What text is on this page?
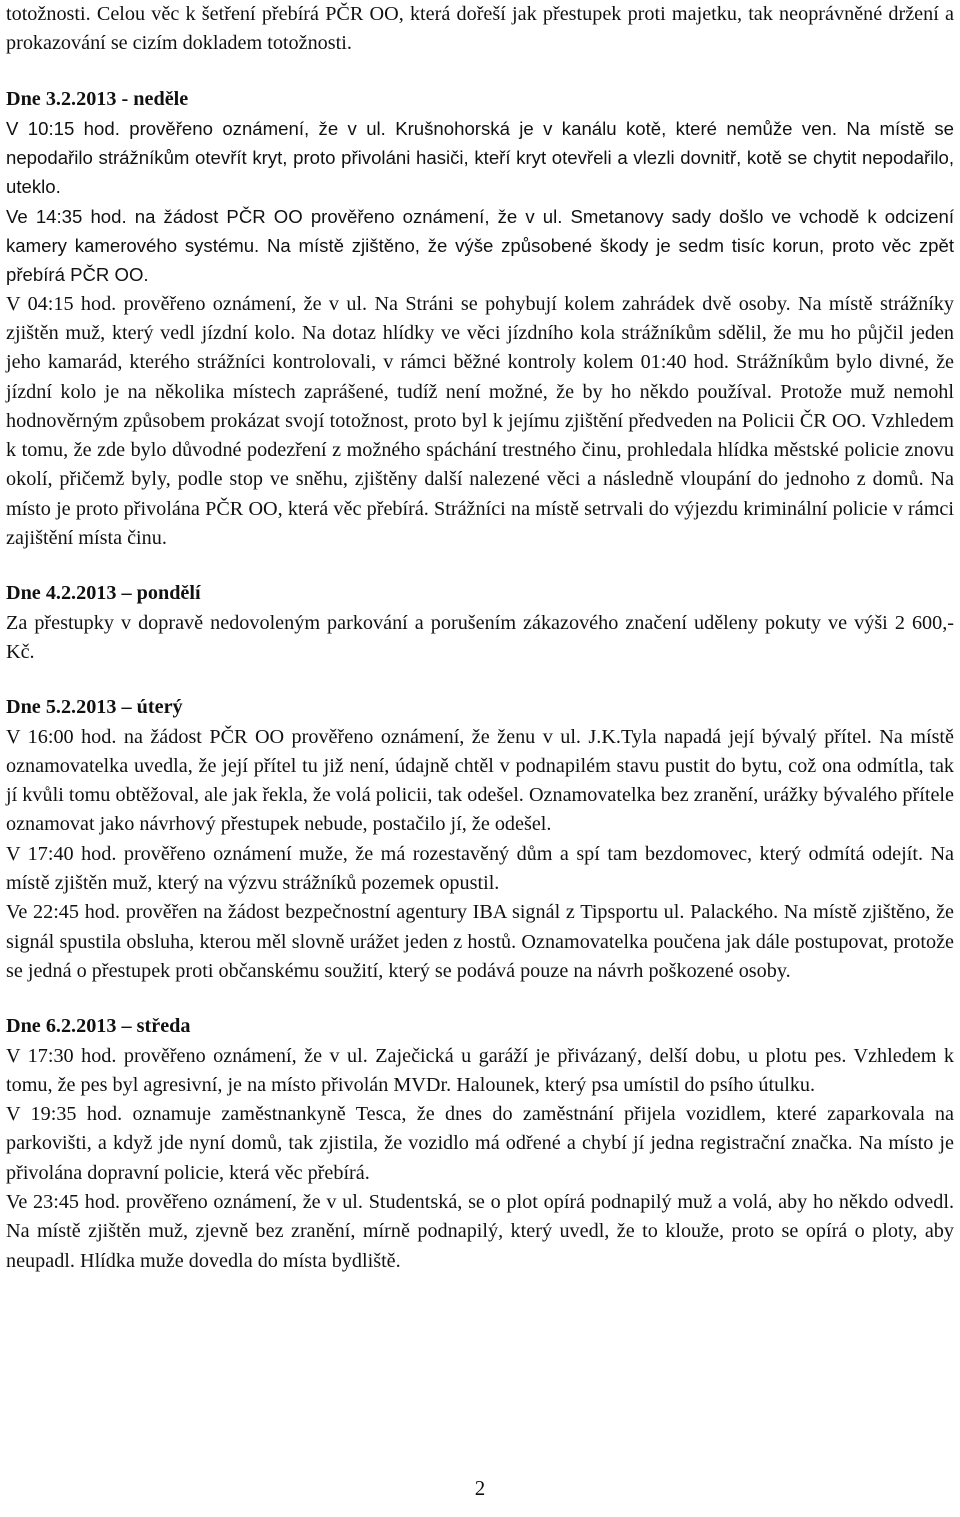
totožnosti. Celou věc k šetření přebírá PČR OO, která dořeší jak přestupek proti majetku, tak neoprávněné držení a prokazování se cizím dokladem totožnosti.

Dne 3.2.2013 - neděle

V 10:15 hod. prověřeno oznámení, že v ul. Krušnohorská je v kanálu kotě, které nemůže ven. Na místě se nepodařilo strážníkům otevřít kryt, proto přivoláni hasiči, kteří kryt otevřeli a vlezli dovnitř, kotě se chytit nepodařilo, uteklo.

Ve 14:35 hod. na žádost PČR OO prověřeno oznámení, že v ul. Smetanovy sady došlo ve vchodě k odcizení kamery kamerového systému. Na místě zjištěno, že výše způsobené škody je sedm tisíc korun, proto věc zpět přebírá PČR OO.

V 04:15 hod. prověřeno oznámení, že v ul. Na Stráni se pohybují kolem zahrádek dvě osoby. Na místě strážníky zjištěn muž, který vedl jízdní kolo. Na dotaz hlídky ve věci jízdního kola strážníkům sdělil, že mu ho půjčil jeden jeho kamarád, kterého strážníci kontrolovali, v rámci běžné kontroly kolem 01:40 hod. Strážníkům bylo divné, že jízdní kolo je na několika místech zaprášené, tudíž není možné, že by ho někdo používal. Protože muž nemohl hodnověrným způsobem prokázat svojí totožnost, proto byl k jejímu zjištění předveden na Policii ČR OO. Vzhledem k tomu, že zde bylo důvodné podezření z možného spáchání trestného činu, prohledala hlídka městské policie znovu okolí, přičemž byly, podle stop ve sněhu, zjištěny další nalezené věci a následně vloupání do jednoho z domů. Na místo je proto přivolána PČR OO, která věc přebírá. Strážníci na místě setrvali do výjezdu kriminální policie v rámci zajištění místa činu.

Dne 4.2.2013 – pondělí

Za přestupky v dopravě nedovoleným parkování a porušením zákazového značení uděleny pokuty ve výši 2 600,- Kč.

Dne 5.2.2013 – úterý

V 16:00 hod. na žádost PČR OO prověřeno oznámení, že ženu v ul. J.K.Tyla napadá její bývalý přítel. Na místě oznamovatelka uvedla, že její přítel tu již není, údajně chtěl v podnapilém stavu pustit do bytu, což ona odmítla, tak jí kvůli tomu obtěžoval, ale jak řekla, že volá policii, tak odešel. Oznamovatelka bez zranění, urážky bývalého přítele oznamovat jako návrhový přestupek nebude, postačilo jí, že odešel.

V 17:40 hod. prověřeno oznámení muže, že má rozestavěný dům a spí tam bezdomovec, který odmítá odejít. Na místě zjištěn muž, který na výzvu strážníků pozemek opustil.

Ve 22:45 hod. prověřen na žádost bezpečnostní agentury IBA signál z Tipsportu ul. Palackého. Na místě zjištěno, že signál spustila obsluha, kterou měl slovně urážet jeden z hostů. Oznamovatelka poučena jak dále postupovat, protože se jedná o přestupek proti občanskému soužití, který se podává pouze na návrh poškozené osoby.

Dne 6.2.2013 – středa

V 17:30 hod. prověřeno oznámení, že v ul. Zaječická u garáží je přivázaný, delší dobu, u plotu pes. Vzhledem k tomu, že pes byl agresivní, je na místo přivolán MVDr. Halounek, který psa umístil do psího útulku.

V 19:35 hod. oznamuje zaměstnankyně Tesca, že dnes do zaměstnání přijela vozidlem, které zaparkovala na parkovišti, a když jde nyní domů, tak zjistila, že vozidlo má odřené a chybí jí jedna registrační značka. Na místo je přivolána dopravní policie, která věc přebírá.

Ve 23:45 hod. prověřeno oznámení, že v ul. Studentská, se o plot opírá podnapilý muž a volá, aby ho někdo odvedl. Na místě zjištěn muž, zjevně bez zranění, mírně podnapilý, který uvedl, že to klouže, proto se opírá o ploty, aby neupadl. Hlídka muže dovedla do místa bydliště.

2
